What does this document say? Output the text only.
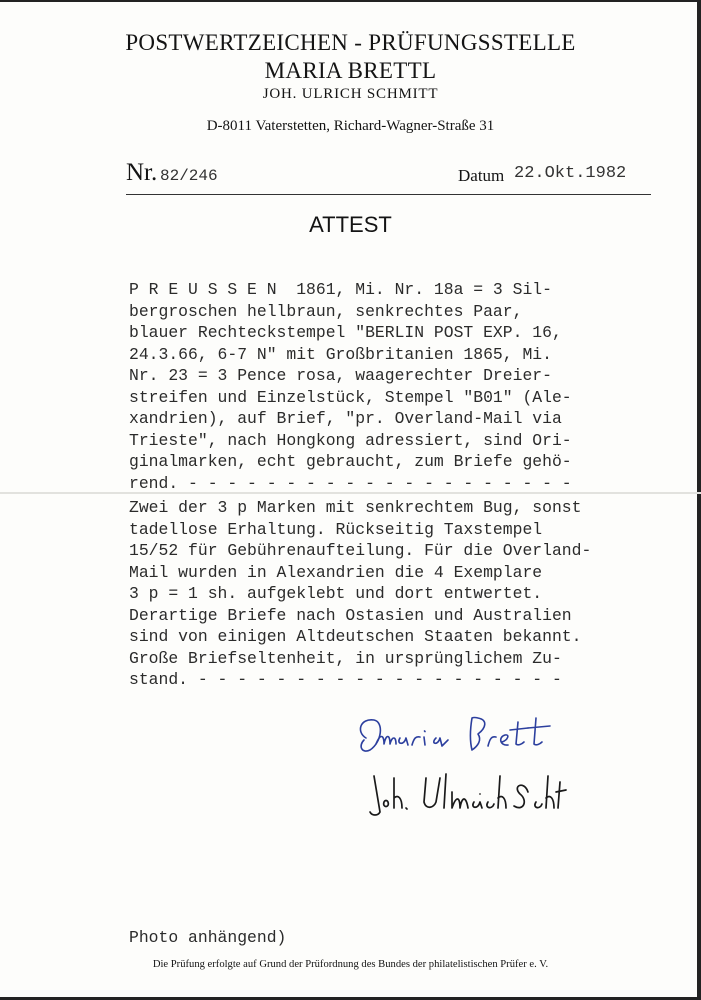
POSTWERTZEICHEN - PRÜFUNGSSTELLE
MARIA BRETTL
JOH. ULRICH SCHMITT
D-8011 Vaterstetten, Richard-Wagner-Straße 31
Nr. 82/246	Datum 22.Okt.1982
ATTEST
P R E U S S E N  1861, Mi. Nr. 18a = 3 Sil-
bergroschen hellbraun, senkrechtes Paar,
blauer Rechteckstempel "BERLIN POST EXP. 16,
24.3.66, 6-7 N" mit Großbritanien 1865, Mi.
Nr. 23 = 3 Pence rosa, waagerechter Dreier-
streifen und Einzelstück, Stempel "B01" (Ale-
xandrien), auf Brief, "pr. Overland-Mail via
Trieste", nach Hongkong adressiert, sind Ori-
ginalmarken, echt gebraucht, zum Briefe gehö-
rend. - - - - - - - - - - - - - - - - - - - -
Zwei der 3 p Marken mit senkrechtem Bug, sonst
tadellose Erhaltung. Rückseitig Taxstempel
15/52 für Gebührenaufteilung. Für die Overland-
Mail wurden in Alexandrien die 4 Exemplare
3 p = 1 sh. aufgeklebt und dort entwertet.
Derartige Briefe nach Ostasien und Australien
sind von einigen Altdeutschen Staaten bekannt.
Große Briefseltenheit, in ursprünglichem Zu-
stand. - - - - - - - - - - - - - - - - - - -
Photo anhängend)
Die Prüfung erfolgte auf Grund der Prüfordnung des Bundes der philatelistischen Prüfer e. V.
